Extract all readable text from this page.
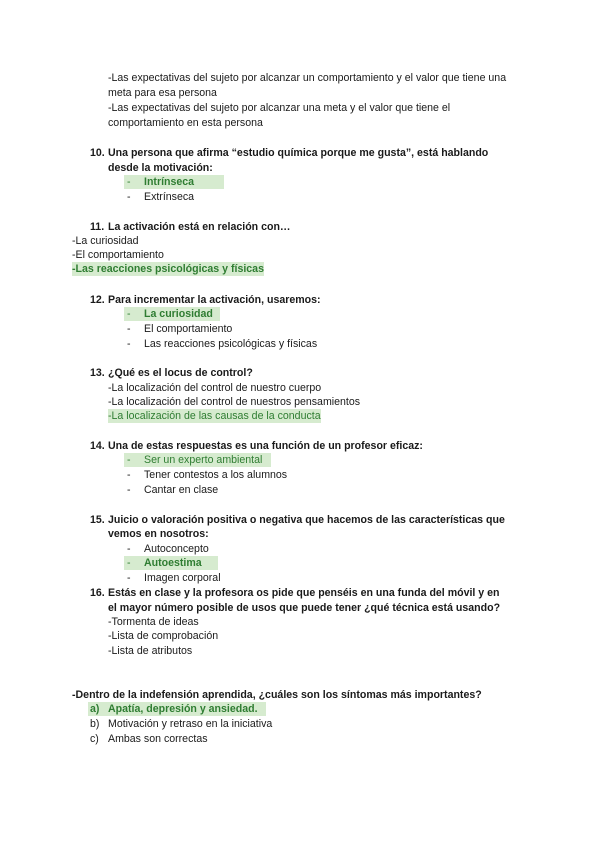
-Las expectativas del sujeto por alcanzar un comportamiento y el valor que tiene una
meta para esa persona
-Las expectativas del sujeto por alcanzar una meta y el valor que tiene el
comportamiento en esta persona
10. Una persona que afirma “estudio química porque me gusta”, está hablando
desde la motivación:
-	Intrínseca
-	Extrínseca
11. La activación está en relación con…
-La curiosidad
-El comportamiento
-Las reacciones psicológicas y físicas
12. Para incrementar la activación, usaremos:
-	La curiosidad
-	El comportamiento
-	Las reacciones psicológicas y físicas
13. ¿Qué es el locus de control?
-La localización del control de nuestro cuerpo
-La localización del control de nuestros pensamientos
-La localización de las causas de la conducta
14. Una de estas respuestas es una función de un profesor eficaz:
-	Ser un experto ambiental
-	Tener contestos a los alumnos
-	Cantar en clase
15. Juicio o valoración positiva o negativa que hacemos de las características que
vemos en nosotros:
-	Autoconcepto
-	Autoestima
-	Imagen corporal
16. Estás en clase y la profesora os pide que penséis en una funda del móvil y en
el mayor número posible de usos que puede tener ¿qué técnica está usando?
-Tormenta de ideas
-Lista de comprobación
-Lista de atributos
-Dentro de la indefensión aprendida, ¿cuáles son los síntomas más importantes?
a) Apatía, depresión y ansiedad.
b) Motivación y retraso en la iniciativa
c) Ambas son correctas
